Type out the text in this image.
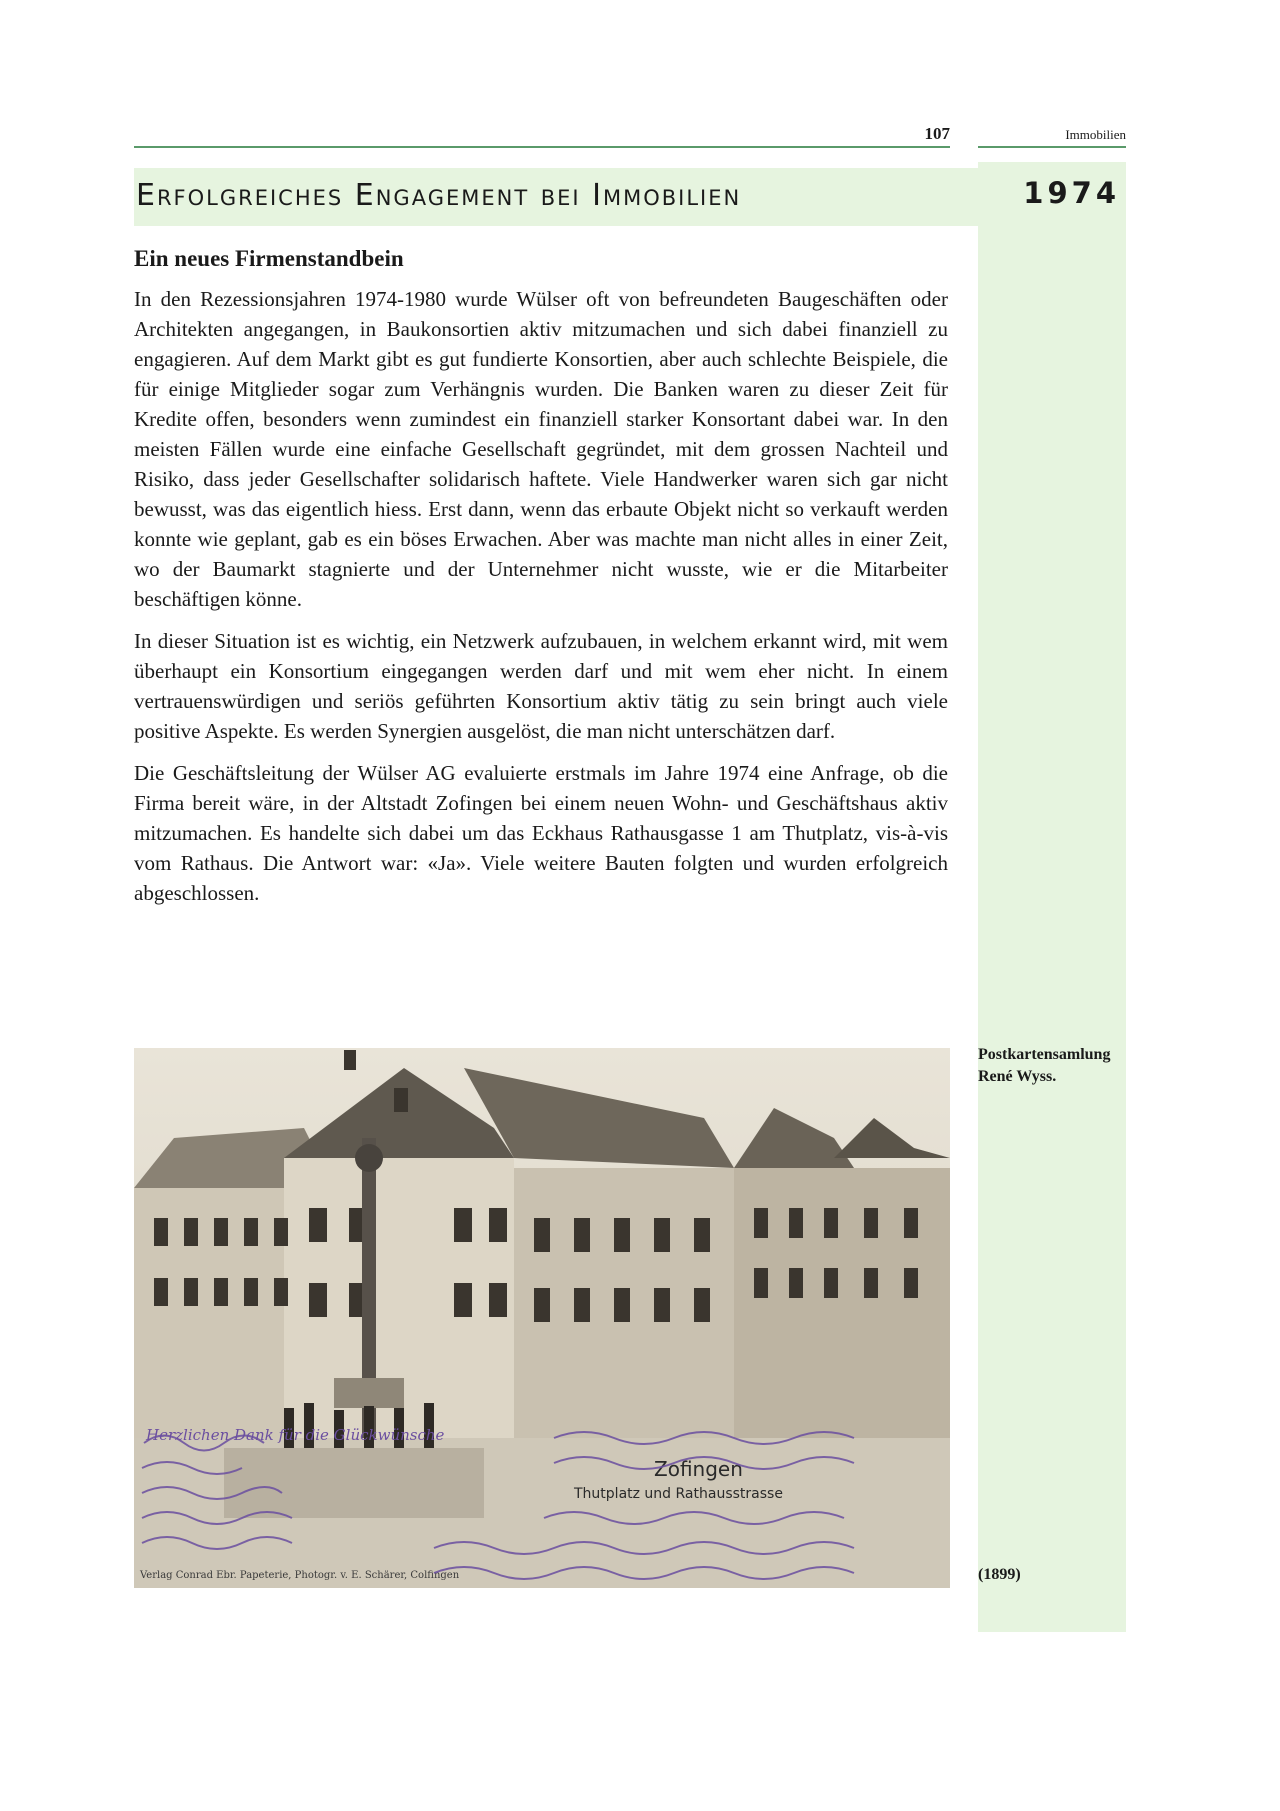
107	Immobilien
Erfolgreiches Engagement bei Immobilien	1974
Ein neues Firmenstandbein

In den Rezessionsjahren 1974-1980 wurde Wülser oft von befreundeten Baugeschäften oder Architekten angegangen, in Baukonsortien aktiv mitzumachen und sich dabei finanziell zu engagieren. Auf dem Markt gibt es gut fundierte Konsortien, aber auch schlechte Beispiele, die für einige Mitglieder sogar zum Verhängnis wurden. Die Banken waren zu dieser Zeit für Kredite offen, besonders wenn zumindest ein finanziell starker Konsortant dabei war. In den meisten Fällen wurde eine einfache Gesellschaft gegründet, mit dem grossen Nachteil und Risiko, dass jeder Gesellschafter solidarisch haftete. Viele Handwerker waren sich gar nicht bewusst, was das eigentlich hiess. Erst dann, wenn das erbaute Objekt nicht so verkauft werden konnte wie geplant, gab es ein böses Erwachen. Aber was machte man nicht alles in einer Zeit, wo der Baumarkt stagnierte und der Unternehmer nicht wusste, wie er die Mitarbeiter beschäftigen könne.

In dieser Situation ist es wichtig, ein Netzwerk aufzubauen, in welchem erkannt wird, mit wem überhaupt ein Konsortium eingegangen werden darf und mit wem eher nicht. In einem vertrauenswürdigen und seriös geführten Konsortium aktiv tätig zu sein bringt auch viele positive Aspekte. Es werden Synergien ausgelöst, die man nicht unterschätzen darf.

Die Geschäftsleitung der Wülser AG evaluierte erstmals im Jahre 1974 eine Anfrage, ob die Firma bereit wäre, in der Altstadt Zofingen bei einem neuen Wohn- und Geschäftshaus aktiv mitzumachen. Es handelte sich dabei um das Eckhaus Rathausgasse 1 am Thutplatz, vis-à-vis vom Rathaus. Die Antwort war: «Ja». Viele weitere Bauten folgten und wurden erfolgreich abgeschlossen.

Zofingen
Thutplatz und Rathausstrasse
Verlag Conrad Ebr. Papeterie, Photogr. v. E. Schärer, Colfingen
Herzlichen Dank für die Glückwünsche
Postkartensamlung
René Wyss.
(1899)
